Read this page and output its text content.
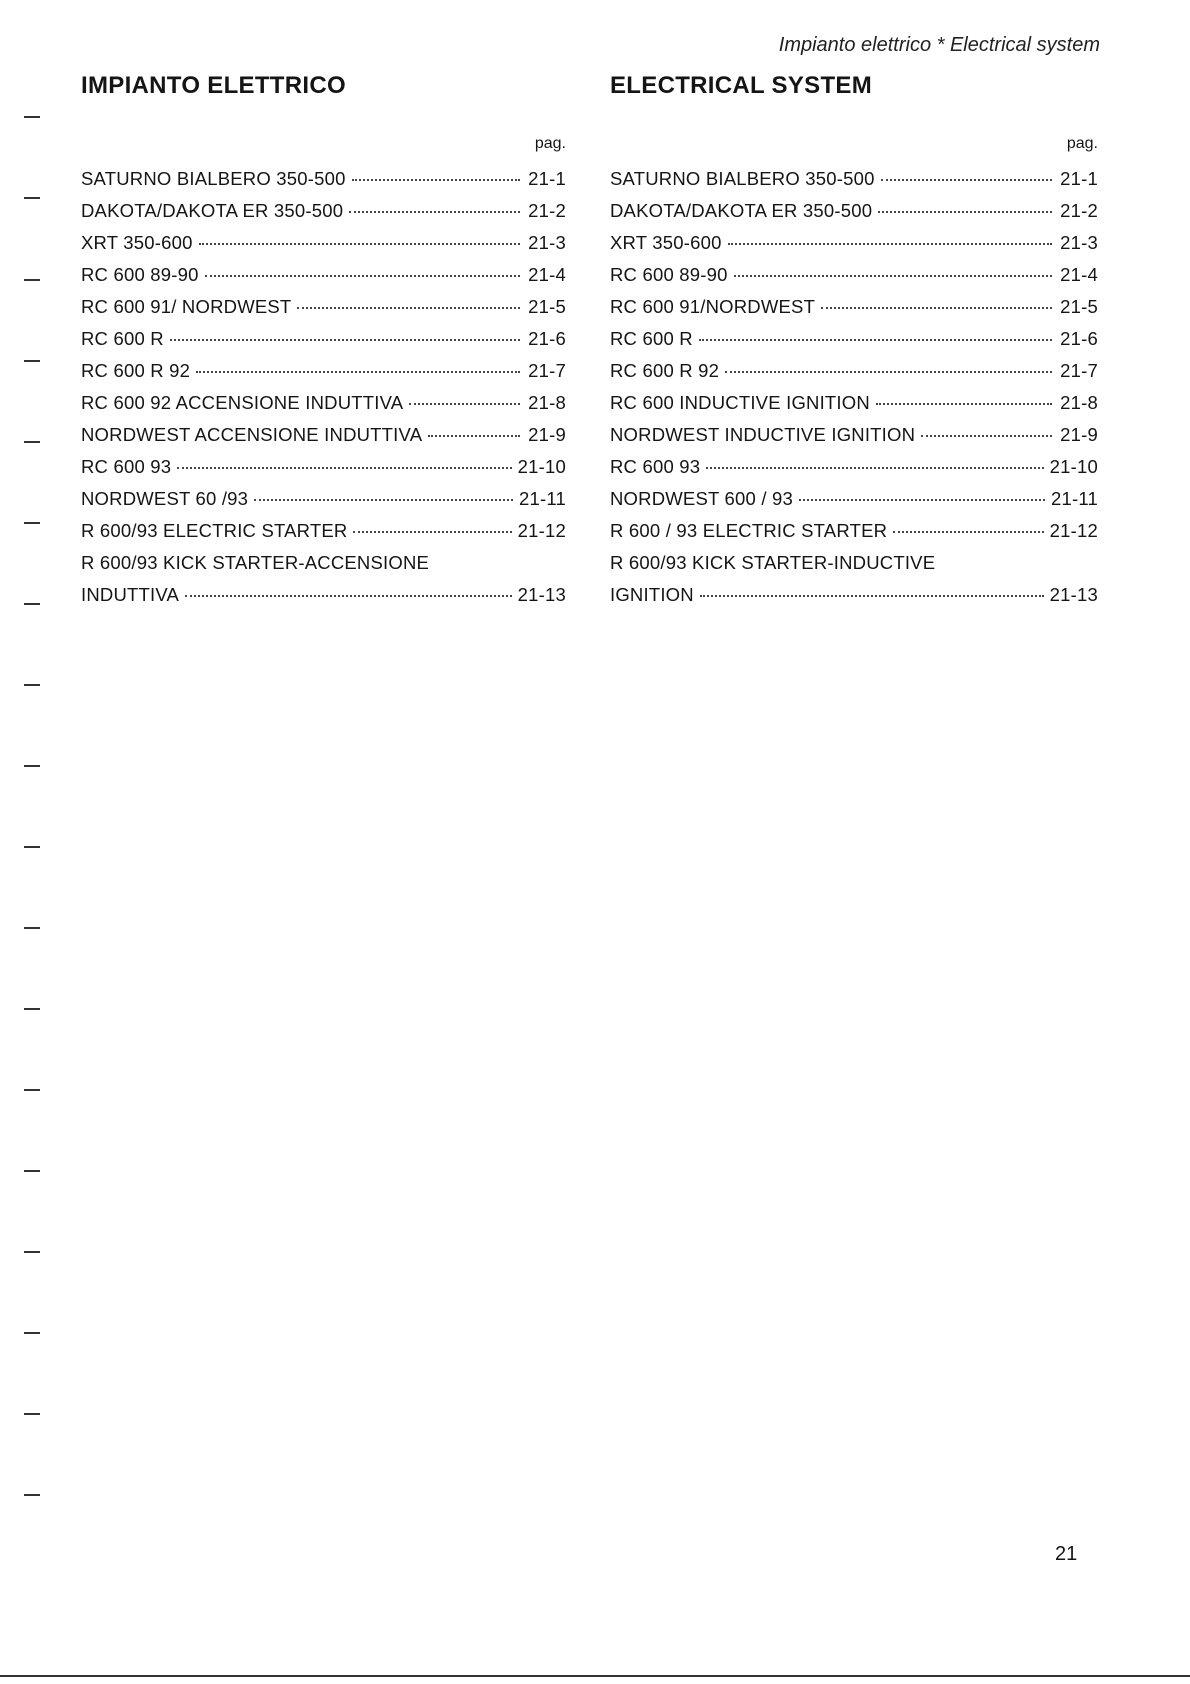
Impianto elettrico * Electrical system
IMPIANTO ELETTRICO
pag.
SATURNO BIALBERO 350-500	21-1
DAKOTA/DAKOTA ER 350-500	21-2
XRT 350-600	21-3
RC 600 89-90	21-4
RC 600 91/ NORDWEST	21-5
RC 600 R	21-6
RC 600 R 92	21-7
RC 600 92 ACCENSIONE INDUTTIVA	21-8
NORDWEST ACCENSIONE INDUTTIVA	21-9
RC 600 93	21-10
NORDWEST 60 /93	21-11
R 600/93 ELECTRIC STARTER	21-12
R 600/93 KICK STARTER-ACCENSIONE
INDUTTIVA	21-13
ELECTRICAL SYSTEM
pag.
SATURNO BIALBERO 350-500	21-1
DAKOTA/DAKOTA ER 350-500	21-2
XRT 350-600	21-3
RC 600 89-90	21-4
RC 600 91/NORDWEST	21-5
RC 600 R	21-6
RC 600 R 92	21-7
RC 600 INDUCTIVE IGNITION	21-8
NORDWEST INDUCTIVE IGNITION	21-9
RC 600 93	21-10
NORDWEST 600 / 93	21-11
R 600 / 93 ELECTRIC STARTER	21-12
R 600/93 KICK STARTER-INDUCTIVE
IGNITION	21-13
21
